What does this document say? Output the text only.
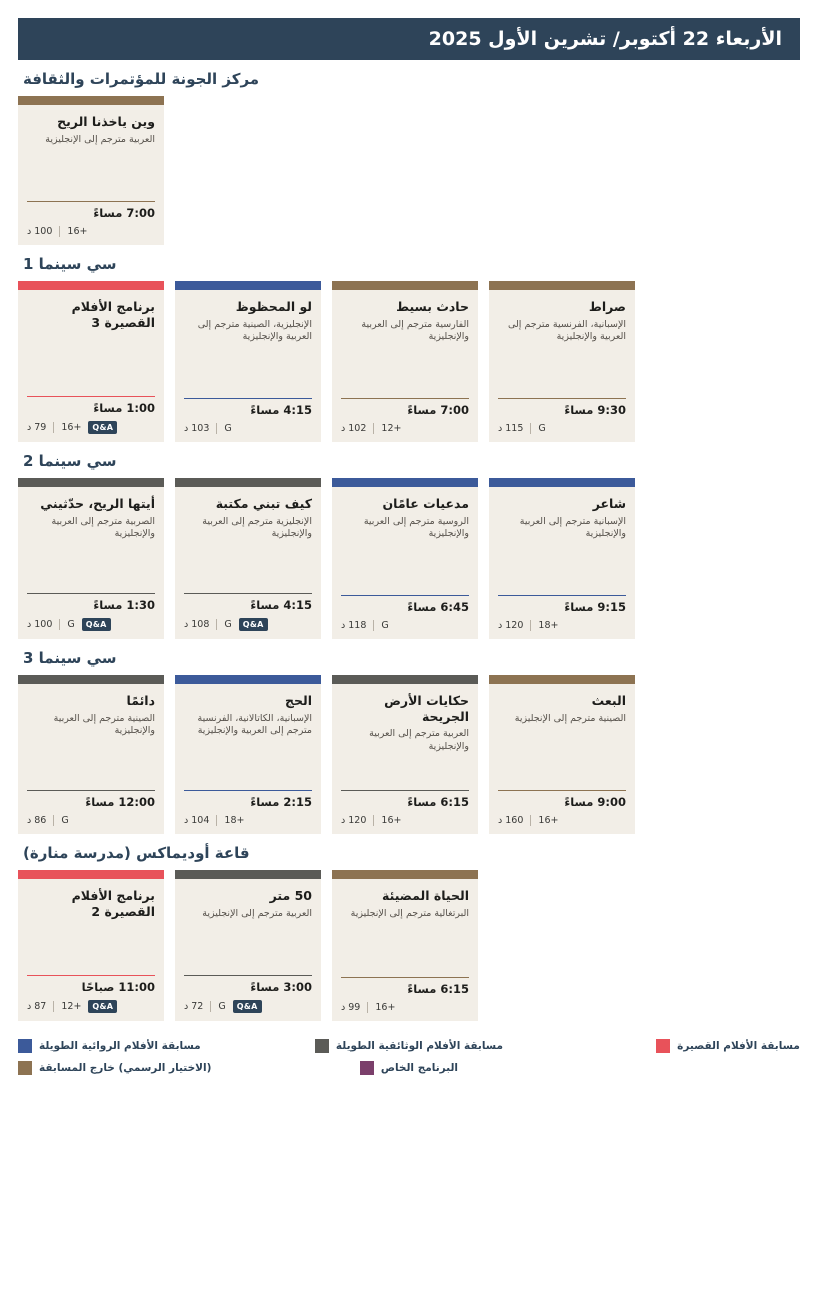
الأربعاء 22 أكتوبر/ تشرين الأول 2025
مركز الجونة للمؤتمرات والثقافة
وين ياخذنا الريح
العربية مترجم إلى الإنجليزية
7:00 مساءً
100 د +16
سي سينما 1
برنامج الأفلام القصيرة 3
1:00 مساءً
79 د +16	Q&A
لو المحظوظ
الإنجليزية، الصينية مترجم إلى العربية والإنجليزية
4:15 مساءً
103 د G
حادث بسيط
الفارسية مترجم إلى العربية والإنجليزية
7:00 مساءً
102 د +12
صراط
الإسبانية، الفرنسية مترجم إلى العربية والإنجليزية
9:30 مساءً
115 د G
سي سينما 2
أيتها الريح، حدّثيني
الصربية مترجم إلى العربية والإنجليزية
1:30 مساءً
100 د G	Q&A
كيف تبني مكتبة
الإنجليزية مترجم إلى العربية والإنجليزية
4:15 مساءً
108 د G	Q&A
مدعيات عامًان
الروسية مترجم إلى العربية والإنجليزية
6:45 مساءً
118 د G
شاعر
الإسبانية مترجم إلى العربية والإنجليزية
9:15 مساءً
120 د +18
سي سينما 3
دائمًا
الصينية مترجم إلى العربية والإنجليزية
12:00 مساءً
86 د G
الحج
الإسبانية، الكاتالانية، الفرنسية مترجم إلى العربية والإنجليزية
2:15 مساءً
104 د +18
حكايات الأرض الجريحة
العربية مترجم إلى العربية والإنجليزية
6:15 مساءً
120 د +16
البعث
الصينية مترجم إلى الإنجليزية
9:00 مساءً
160 د +16
قاعة أوديماكس (مدرسة منارة)
برنامج الأفلام القصيرة 2
11:00 صباحًا
87 د +12	Q&A
50 متر
العربية مترجم إلى الإنجليزية
3:00 مساءً
72 د G	Q&A
الحياة المضيئة
البرتغالية مترجم إلى الإنجليزية
6:15 مساءً
99 د +16
مسابقة الأفلام الروائية الطويلة
(الاختيار الرسمي) خارج المسابقة
مسابقة الأفلام الوثائقية الطويلة
البرنامج الخاص
مسابقة الأفلام القصيرة
